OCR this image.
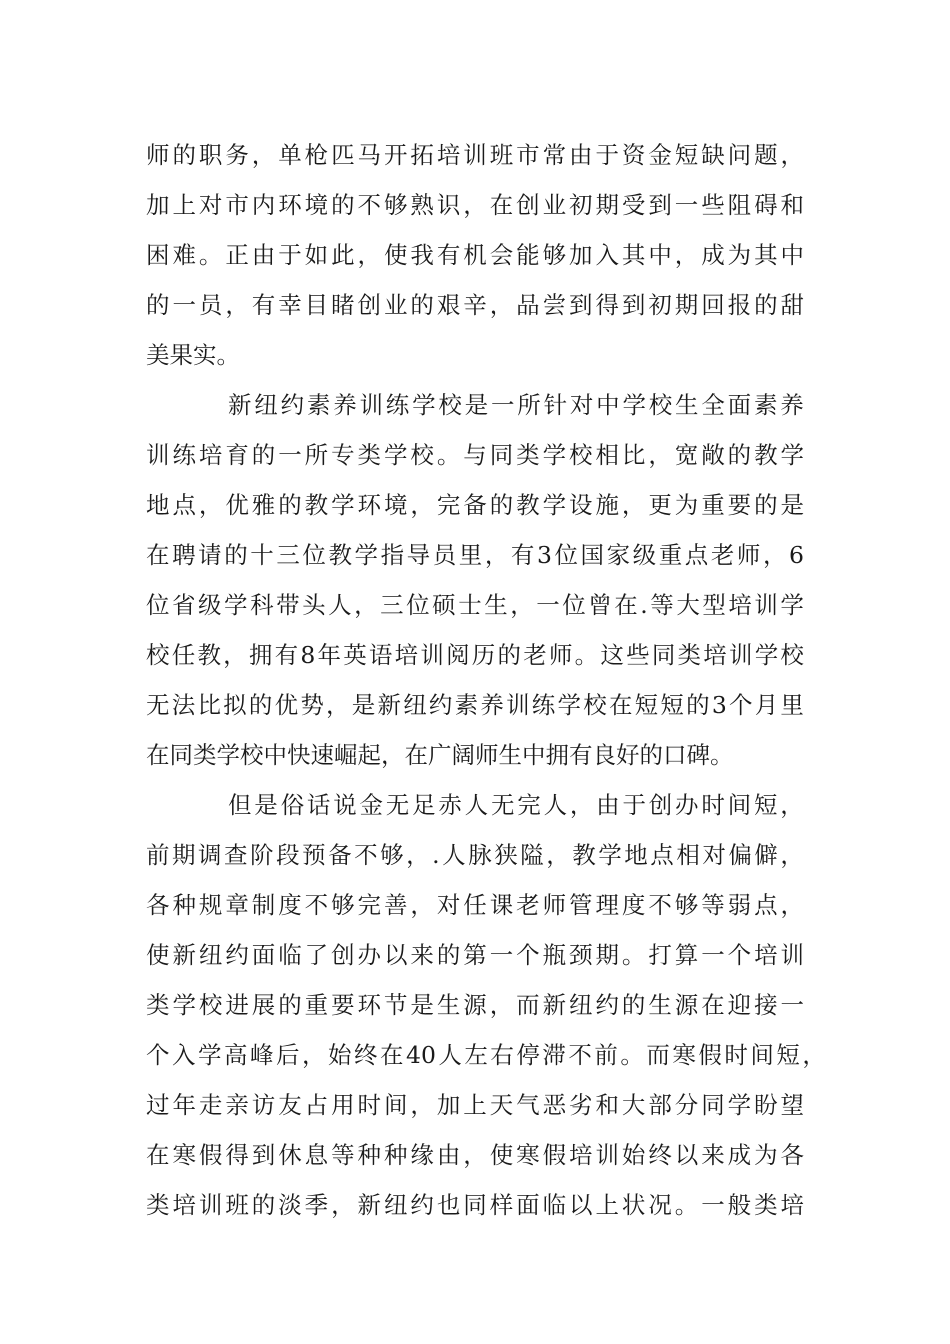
师 的 职 务 ， 单 枪 匹 马 开 拓 培 训 班 市 常 由 于 资 金 短 缺 问 题 ，
加 上 对 市 内 环 境 的 不 够 熟 识 ， 在 创 业 初 期 受 到 一 些 阻 碍 和
困 难 。 正 由 于 如 此 ， 使 我 有 机 会 能 够 加 入 其 中 ， 成 为 其 中
的 一 员 ， 有 幸 目 睹 创 业 的 艰 辛 ， 品 尝 到 得 到 初 期 回 报 的 甜
美果实。
新 纽 约 素 养 训 练 学 校 是 一 所 针 对 中 学 校 生 全 面 素 养
训 练 培 育 的 一 所 专 类 学 校 。 与 同 类 学 校 相 比 ， 宽 敞 的 教 学
地 点 ， 优 雅 的 教 学 环 境 ， 完 备 的 教 学 设 施 ， 更 为 重 要 的 是
在 聘 请 的 十 三 位 教 学 指 导 员 里 ， 有 3 位 国 家 级 重 点 老 师 ， 6
位 省 级 学 科 带 头 人 ， 三 位 硕 士 生 ， 一 位 曾 在 . 等 大 型 培 训 学
校 任 教 ， 拥 有 8 年 英 语 培 训 阅 历 的 老 师 。 这 些 同 类 培 训 学 校
无 法 比 拟 的 优 势 ， 是 新 纽 约 素 养 训 练 学 校 在 短 短 的 3 个 月 里
在同类学校中快速崛起，在广阔师生中拥有良好的口碑。
但 是 俗 话 说 金 无 足 赤 人 无 完 人 ， 由 于 创 办 时 间 短 ，
前 期 调 查 阶 段 预 备 不 够 ， . 人 脉 狭 隘 ， 教 学 地 点 相 对 偏 僻 ，
各 种 规 章 制 度 不 够 完 善 ， 对 任 课 老 师 管 理 度 不 够 等 弱 点 ，
使 新 纽 约 面 临 了 创 办 以 来 的 第 一 个 瓶 颈 期 。 打 算 一 个 培 训
类 学 校 进 展 的 重 要 环 节 是 生 源 ， 而 新 纽 约 的 生 源 在 迎 接 一
个 入 学 高 峰 后 ， 始 终 在 40 人 左 右 停 滞 不 前 。 而 寒 假 时 间 短 ，
过 年 走 亲 访 友 占 用 时 间 ， 加 上 天 气 恶 劣 和 大 部 分 同 学 盼 望
在 寒 假 得 到 休 息 等 种 种 缘 由 ， 使 寒 假 培 训 始 终 以 来 成 为 各
类 培 训 班 的 淡 季 ， 新 纽 约 也 同 样 面 临 以 上 状 况 。 一 般 类 培
